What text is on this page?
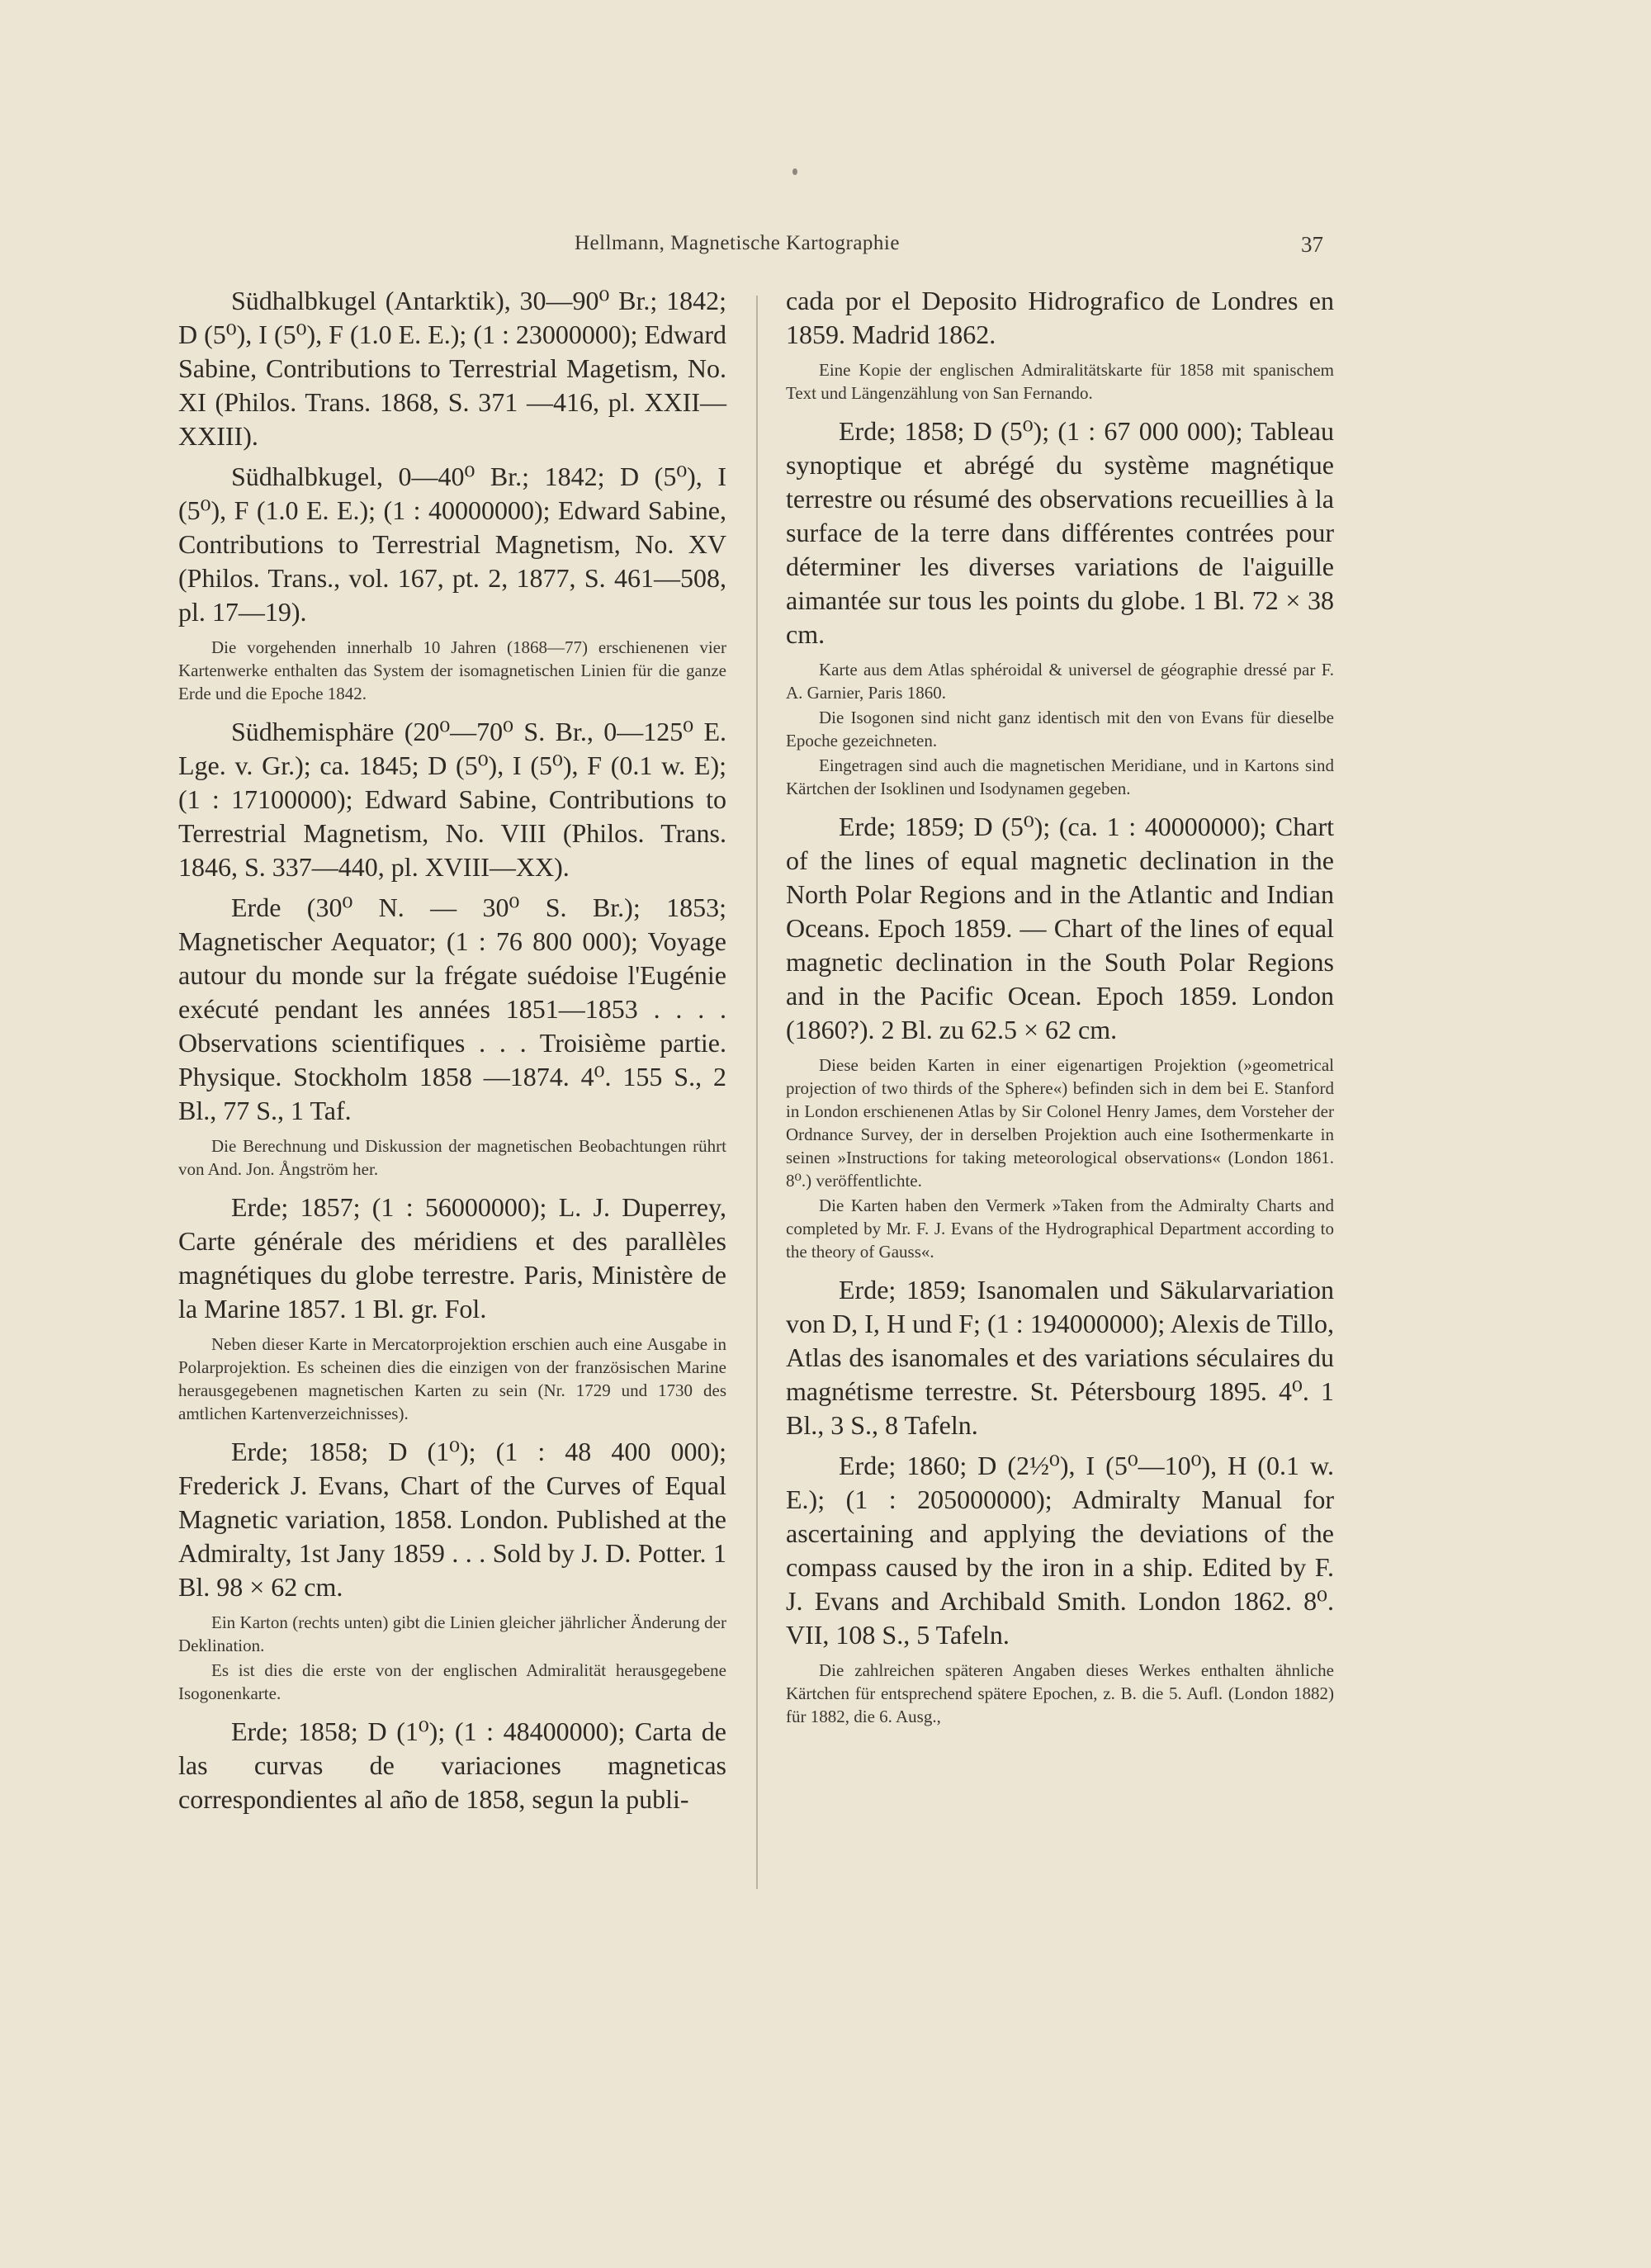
Hellmann, Magnetische Kartographie	37

Südhalbkugel (Antarktik), 30—90⁰ Br.; 1842; D (5⁰), I (5⁰), F (1.0 E. E.); (1 : 23000000); Edward Sabine, Contributions to Terrestrial Magetism, No. XI (Philos. Trans. 1868, S. 371 —416, pl. XXII—XXIII).

Südhalbkugel, 0—40⁰ Br.; 1842; D (5⁰), I (5⁰), F (1.0 E. E.); (1 : 40000000); Edward Sabine, Contributions to Terrestrial Magnetism, No. XV (Philos. Trans., vol. 167, pt. 2, 1877, S. 461—508, pl. 17—19).

Die vorgehenden innerhalb 10 Jahren (1868—77) erschienenen vier Kartenwerke enthalten das System der isomagnetischen Linien für die ganze Erde und die Epoche 1842.

Südhemisphäre (20⁰—70⁰ S. Br., 0—125⁰ E. Lge. v. Gr.); ca. 1845; D (5⁰), I (5⁰), F (0.1 w. E); (1 : 17100000); Edward Sabine, Contributions to Terrestrial Magnetism, No. VIII (Philos. Trans. 1846, S. 337—440, pl. XVIII—XX).

Erde (30⁰ N. — 30⁰ S. Br.); 1853; Magnetischer Aequator; (1 : 76 800 000); Voyage autour du monde sur la frégate suédoise l'Eugénie exécuté pendant les années 1851—1853 . . . . Observations scientifiques . . . Troisième partie. Physique. Stockholm 1858 —1874. 4⁰. 155 S., 2 Bl., 77 S., 1 Taf.

Die Berechnung und Diskussion der magnetischen Beobachtungen rührt von And. Jon. Ångström her.

Erde; 1857; (1 : 56000000); L. J. Duperrey, Carte générale des méridiens et des parallèles magnétiques du globe terrestre. Paris, Ministère de la Marine 1857. 1 Bl. gr. Fol.

Neben dieser Karte in Mercatorprojektion erschien auch eine Ausgabe in Polarprojektion. Es scheinen dies die einzigen von der französischen Marine herausgegebenen magnetischen Karten zu sein (Nr. 1729 und 1730 des amtlichen Kartenverzeichnisses).

Erde; 1858; D (1⁰); (1 : 48 400 000); Frederick J. Evans, Chart of the Curves of Equal Magnetic variation, 1858. London. Published at the Admiralty, 1st Jany 1859 . . . Sold by J. D. Potter. 1 Bl. 98 × 62 cm.

Ein Karton (rechts unten) gibt die Linien gleicher jährlicher Änderung der Deklination.

Es ist dies die erste von der englischen Admiralität herausgegebene Isogonenkarte.

Erde; 1858; D (1⁰); (1 : 48400000); Carta de las curvas de variaciones magneticas correspondientes al año de 1858, segun la publi-

cada por el Deposito Hidrografico de Londres en 1859. Madrid 1862.

Eine Kopie der englischen Admiralitätskarte für 1858 mit spanischem Text und Längenzählung von San Fernando.

Erde; 1858; D (5⁰); (1 : 67 000 000); Tableau synoptique et abrégé du système magnétique terrestre ou résumé des observations recueillies à la surface de la terre dans différentes contrées pour déterminer les diverses variations de l'aiguille aimantée sur tous les points du globe. 1 Bl. 72 × 38 cm.

Karte aus dem Atlas sphéroidal & universel de géographie dressé par F. A. Garnier, Paris 1860.

Die Isogonen sind nicht ganz identisch mit den von Evans für dieselbe Epoche gezeichneten.

Eingetragen sind auch die magnetischen Meridiane, und in Kartons sind Kärtchen der Isoklinen und Isodynamen gegeben.

Erde; 1859; D (5⁰); (ca. 1 : 40000000); Chart of the lines of equal magnetic declination in the North Polar Regions and in the Atlantic and Indian Oceans. Epoch 1859. — Chart of the lines of equal magnetic declination in the South Polar Regions and in the Pacific Ocean. Epoch 1859. London (1860?). 2 Bl. zu 62.5 × 62 cm.

Diese beiden Karten in einer eigenartigen Projektion (»geometrical projection of two thirds of the Sphere«) befinden sich in dem bei E. Stanford in London erschienenen Atlas by Sir Colonel Henry James, dem Vorsteher der Ordnance Survey, der in derselben Projektion auch eine Isothermenkarte in seinen »Instructions for taking meteorological observations« (London 1861. 8⁰.) veröffentlichte.

Die Karten haben den Vermerk »Taken from the Admiralty Charts and completed by Mr. F. J. Evans of the Hydrographical Department according to the theory of Gauss«.

Erde; 1859; Isanomalen und Säkularvariation von D, I, H und F; (1 : 194000000); Alexis de Tillo, Atlas des isanomales et des variations séculaires du magnétisme terrestre. St. Pétersbourg 1895. 4⁰. 1 Bl., 3 S., 8 Tafeln.

Erde; 1860; D (2½⁰), I (5⁰—10⁰), H (0.1 w. E.); (1 : 205000000); Admiralty Manual for ascertaining and applying the deviations of the compass caused by the iron in a ship. Edited by F. J. Evans and Archibald Smith. London 1862. 8⁰. VII, 108 S., 5 Tafeln.

Die zahlreichen späteren Angaben dieses Werkes enthalten ähnliche Kärtchen für entsprechend spätere Epochen, z. B. die 5. Aufl. (London 1882) für 1882, die 6. Ausg.,
